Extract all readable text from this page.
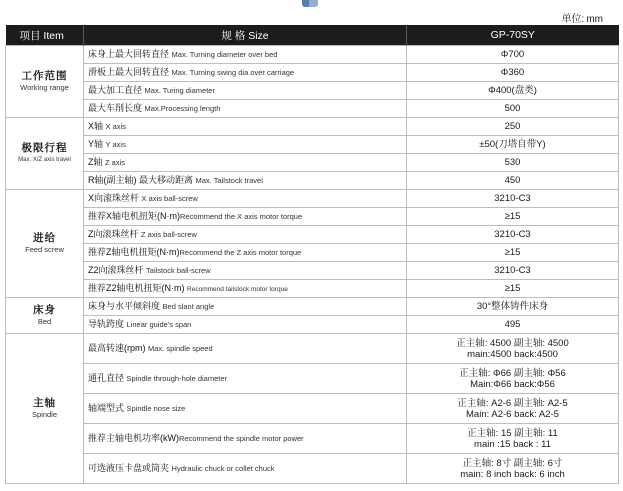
单位: mm
项目 Item	规 格 Size	GP-70SY

工作范围
Working range	床身上最大回转直径 Max. Turning diameter over bed	Φ700
	滑板上最大回转直径 Max. Turning swing dia.over carriage	Φ360
	最大加工直径 Max. Turing diameter	Φ400(盘类)
	最大车削长度 Max.Processing length	500

极限行程
Max. X/Z axis travel	X轴 X axis	250
	Y轴 Y axis	±50(刀塔自带Y)
	Z轴 Z axis	530
	R轴(副主轴) 最大移动距离 Max. Tailstock travel	450

进给
Feed screw	X向滚珠丝杆 X axis ball-screw	3210-C3
	推荐X轴电机扭矩(N·m)Recommend the X axis motor torque	≥15
	Z向滚珠丝杆 Z axis ball-screw	3210-C3
	推荐Z轴电机扭矩(N·m)Recommend the Z axis motor torque	≥15
	Z2向滚珠丝杆 Tailstock ball-screw	3210-C3
	推荐Z2轴电机扭矩(N·m) Recommend tailstock motor torque	≥15

床身
Bed	床身与水平倾斜度 Bed slant angle	30°整体铸件床身
	导轨跨度 Linear guide's span	495

主轴
Spindle	最高转速(rpm) Max. spindle speed	正主轴: 4500 副主轴: 4500
main:4500 back:4500

	通孔直径 Spindle through-hole diameter	正主轴: Φ66 副主轴: Φ56
Main:Φ66 back:Φ56

	轴端型式 Spindle nose size	正主轴: A2-6 副主轴: A2-5
Main: A2-6 back: A2-5

	推荐主轴电机功率(kW)Recommend the spindle motor power	正主轴: 15 副主轴: 11
main :15 back : 11

	可选液压卡盘或筒夹 Hydraulic chuck or collet chuck	正主轴: 8寸 副主轴: 6寸
main: 8 inch back: 6 inch
